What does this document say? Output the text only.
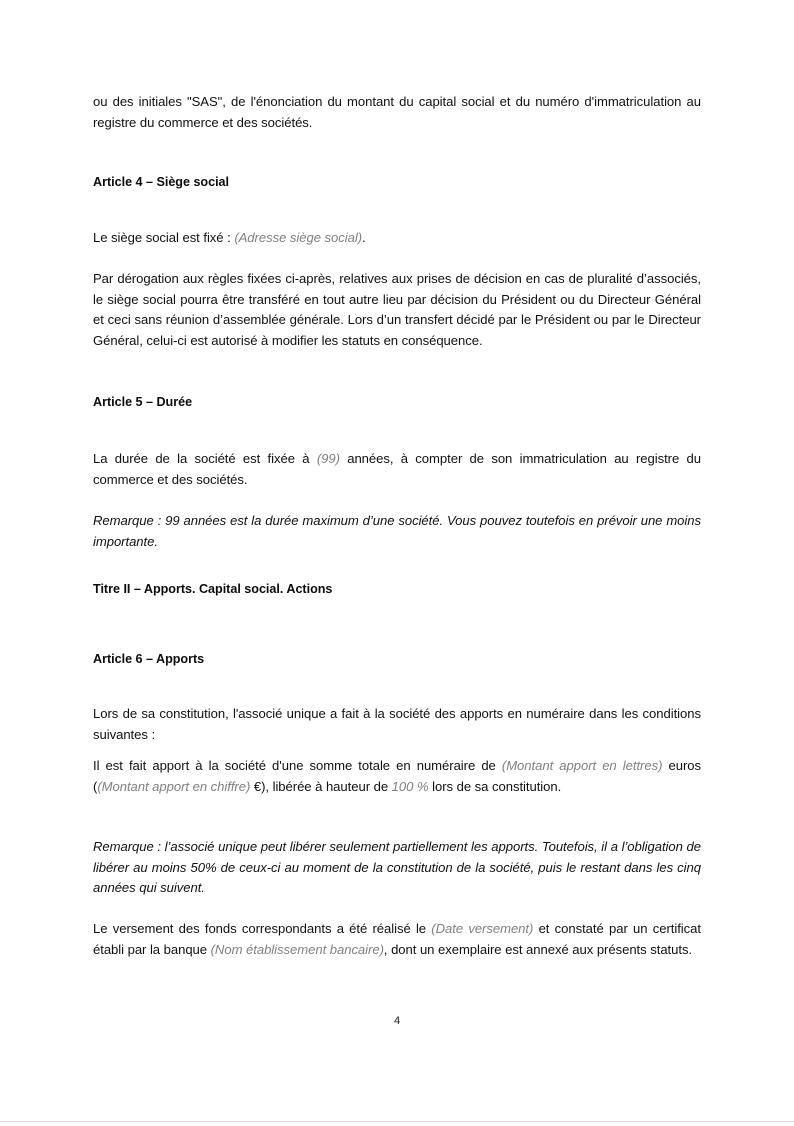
ou des initiales "SAS", de l'énonciation du montant du capital social et du numéro d'immatriculation au registre du commerce et des sociétés.

Article 4 – Siège social

Le siège social est fixé : (Adresse siège social).

Par dérogation aux règles fixées ci-après, relatives aux prises de décision en cas de pluralité d’associés, le siège social pourra être transféré en tout autre lieu par décision du Président ou du Directeur Général et ceci sans réunion d’assemblée générale. Lors d’un transfert décidé par le Président ou par le Directeur Général, celui-ci est autorisé à modifier les statuts en conséquence.

Article 5 – Durée

La durée de la société est fixée à (99) années, à compter de son immatriculation au registre du commerce et des sociétés.

Remarque : 99 années est la durée maximum d’une société. Vous pouvez toutefois en prévoir une moins importante.

Titre II – Apports. Capital social. Actions
Article 6 – Apports

Lors de sa constitution, l'associé unique a fait à la société des apports en numéraire dans les conditions suivantes :

Il est fait apport à la société d'une somme totale en numéraire de (Montant apport en lettres) euros ((Montant apport en chiffre) €), libérée à hauteur de 100 % lors de sa constitution.

Remarque : l’associé unique peut libérer seulement partiellement les apports. Toutefois, il a l’obligation de libérer au moins 50% de ceux-ci au moment de la constitution de la société, puis le restant dans les cinq années qui suivent.

Le versement des fonds correspondants a été réalisé le (Date versement) et constaté par un certificat établi par la banque (Nom établissement bancaire), dont un exemplaire est annexé aux présents statuts.

4
